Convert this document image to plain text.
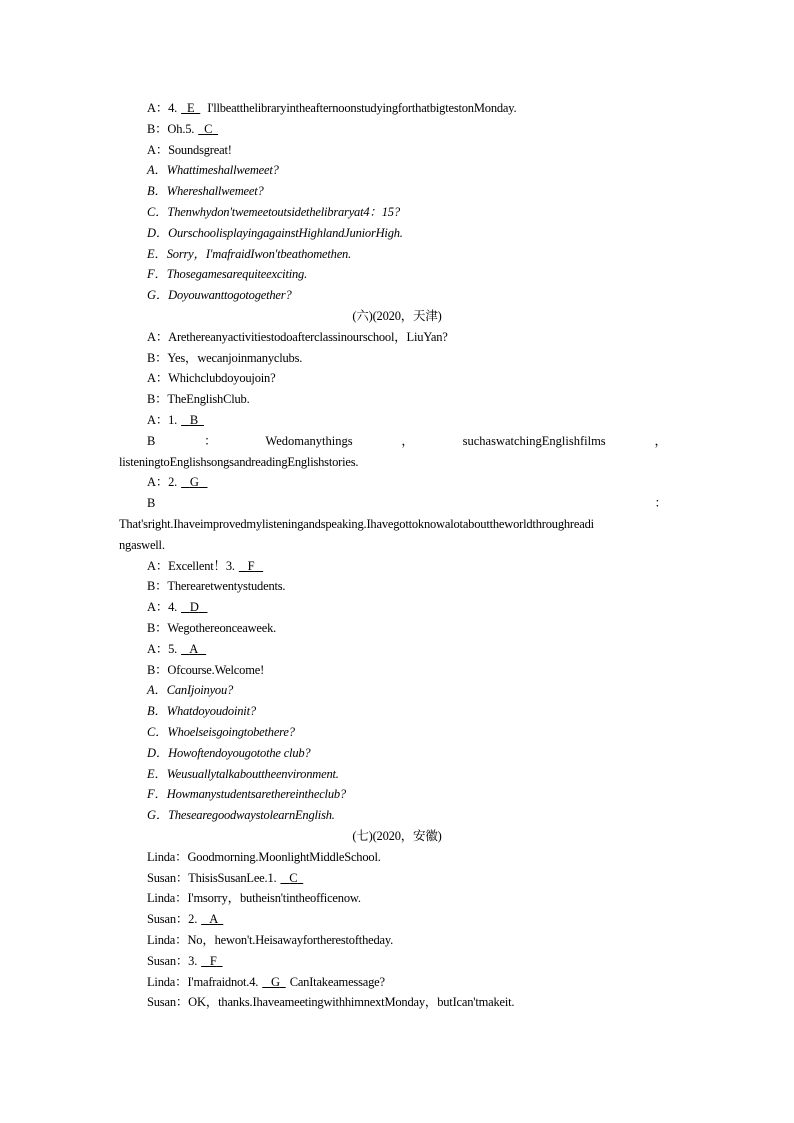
A：4. E   I'llbeatthelibraryintheafternoonstudyingforthatbigtestonMonday.
B：Oh.5. C
A：Soundsgreat!
A．Whattimeshallwemeet?
B．Whereshallwemeet?
C．Thenwhydon'twemeetoutsidethelibraryat4：15?
D．OurschoolisplayingagainstHighlandJuniorHigh.
E．Sorry，I'mafraidIwon'tbeathomethen.
F．Thosegamesarequiteexciting.
G．Doyouwanttogotogether?
(六)(2020，天津)
A：Arethereanyactivitiestodoafterclassinourschool，LiuYan?
B：Yes，wecanjoinmanyclubs.
A：Whichclubdoyoujoin?
B：TheEnglishClub.
A：1. B
B	：	Wedomanythings	，	suchaswatchingEnglishfilms	，
listeningtoEnglishsongsandreadingEnglishstories.
A：2. G
B	：
That'sright.Ihaveimprovedmylisteningandspeaking.Ihavegottoknowalotabouttheworldthroughreadi
ngaswell.
A：Excellent！3. F
B：Therearetwentystudents.
A：4. D
B：Wegothereonceaweek.
A：5. A
B：Ofcourse.Welcome!
A．CanIjoinyou?
B．Whatdoyoudoinit?
C．Whoelseisgoingtobethere?
D．Howoftendoyougotothe club?
E．Weusuallytalkabouttheenvironment.
F．Howmanystudentsarethereintheclub?
G．ThesearegoodwaystolearnEnglish.
(七)(2020，安徽)
Linda：Goodmorning.MoonlightMiddleSchool.
Susan：ThisisSusanLee.1. C
Linda：I'msorry，butheisn'tintheofficenow.
Susan：2. A
Linda：No，hewon't.Heisawayfortherestoftheday.
Susan：3. F
Linda：I'mafraidnot.4. G CanItakeamessage?
Susan：OK，thanks.IhaveameetingwithhimnextMonday，butIcan'tmakeit.
